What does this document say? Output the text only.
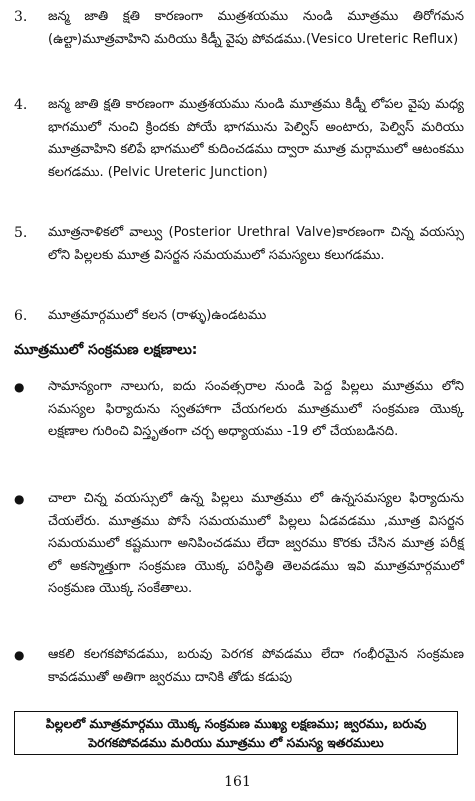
3.	జన్మ జాతి క్షతి కారణంగా ముత్రశయము నుండి మూత్రము తిరోగమన (ఉల్టా)మూత్రవాహిని మరియు కిడ్నీ వైపు పోవడము.(Vesico Ureteric Reflux)
4.	జన్మ జాతి క్షతి కారణంగా ముత్రశయము నుండి మూత్రము కిడ్నీ లోపల వైపు మధ్య భాగములో నుంచి క్రిందకు పోయే భాగమును పెల్విస్ అంటారు, పెల్విస్ మరియు మూత్రవాహిని కలిపే భాగములో కుదించడము ద్వారా మూత్ర మర్గాములో ఆటంకము కలగడము. (Pelvic Ureteric Junction)
5.	మూత్రనాళికలో వాల్వు (Posterior Urethral Valve)కారణంగా చిన్న వయస్సు లోని పిల్లలకు మూత్ర విసర్జన సమయములో సమస్యలు కలుగడము.
6.	మూత్రమార్గములో కలన (రాళ్ళు)ఉండటము
మూత్రములో సంక్రమణ లక్షణాలు:
●	సామాన్యంగా నాలుగు, ఐదు సంవత్సరాల నుండి పెద్ద పిల్లలు మూత్రము లోని సమస్యల ఫిర్యాదును స్వతహాగా చేయగలరు మూత్రములో సంక్రమణ యొక్క లక్షణాల గురించి విస్తృతంగా చర్చ అధ్యాయము -19 లో చేయబడినది.
●	చాలా చిన్న వయస్సులో ఉన్న పిల్లలు మూత్రము లో ఉన్నసమస్యల ఫిర్యాదును చేయలేరు. మూత్రము పోసే సమయములో పిల్లలు ఏడవడము ,మూత్ర విసర్జన సమయములో కష్టముగా అనిపించడము లేదా జ్వరము కొరకు చేసిన మూత్ర పరీక్ష లో అకస్మాత్తుగా సంక్రమణ యొక్క పరిస్థితి తెలవడము ఇవి మూత్రమార్గములో సంక్రమణ యొక్క సంకేతాలు.
●	ఆకలి కలగకపోవడము, బరువు పెరగక పోవడము లేదా గంభీరమైన సంక్రమణ కావడముతో అతిగా జ్వరము దానికి తోడు కడుపు
పిల్లలలో మూత్రమార్గము యొక్క సంక్రమణ ముఖ్య లక్షణము; జ్వరము, బరువు పెరగకపోవడము మరియు మూత్రము లో సమస్య ఇతరములు
161
